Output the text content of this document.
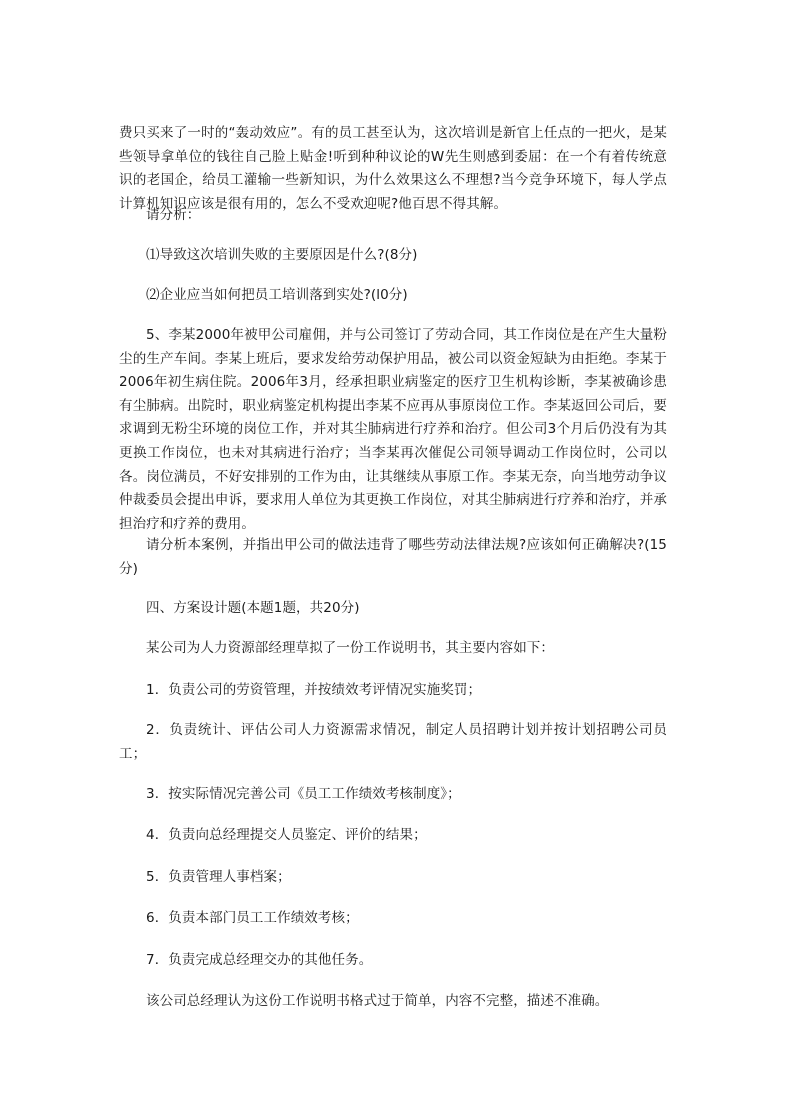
费只买来了一时的“轰动效应”。有的员工甚至认为，这次培训是新官上任点的一把火，是某些领导拿单位的钱往自己脸上贴金!听到种种议论的W先生则感到委屈：在一个有着传统意识的老国企，给员工灌输一些新知识，为什么效果这么不理想?当今竞争环境下，每人学点计算机知识应该是很有用的，怎么不受欢迎呢?他百思不得其解。
请分析：
⑴导致这次培训失败的主要原因是什么?(8分)
⑵企业应当如何把员工培训落到实处?(l0分)
5、李某2000年被甲公司雇佣，并与公司签订了劳动合同，其工作岗位是在产生大量粉尘的生产车间。李某上班后，要求发给劳动保护用品，被公司以资金短缺为由拒绝。李某于2006年初生病住院。2006年3月，经承担职业病鉴定的医疗卫生机构诊断，李某被确诊患有尘肺病。出院时，职业病鉴定机构提出李某不应再从事原岗位工作。李某返回公司后，要求调到无粉尘环境的岗位工作，并对其尘肺病进行疗养和治疗。但公司3个月后仍没有为其更换工作岗位，也未对其病进行治疗；当李某再次催促公司领导调动工作岗位时，公司以各。岗位满员，不好安排别的工作为由，让其继续从事原工作。李某无奈，向当地劳动争议仲裁委员会提出申诉，要求用人单位为其更换工作岗位，对其尘肺病进行疗养和治疗，并承担治疗和疗养的费用。
请分析本案例，并指出甲公司的做法违背了哪些劳动法律法规?应该如何正确解决?(15分)
四、方案设计题(本题1题，共20分)
某公司为人力资源部经理草拟了一份工作说明书，其主要内容如下：
1．负责公司的劳资管理，并按绩效考评情况实施奖罚；
2．负责统计、评估公司人力资源需求情况，制定人员招聘计划并按计划招聘公司员工；
3．按实际情况完善公司《员工工作绩效考核制度》；
4．负责向总经理提交人员鉴定、评价的结果；
5．负责管理人事档案；
6．负责本部门员工工作绩效考核；
7．负责完成总经理交办的其他任务。
该公司总经理认为这份工作说明书格式过于简单，内容不完整，描述不准确。
